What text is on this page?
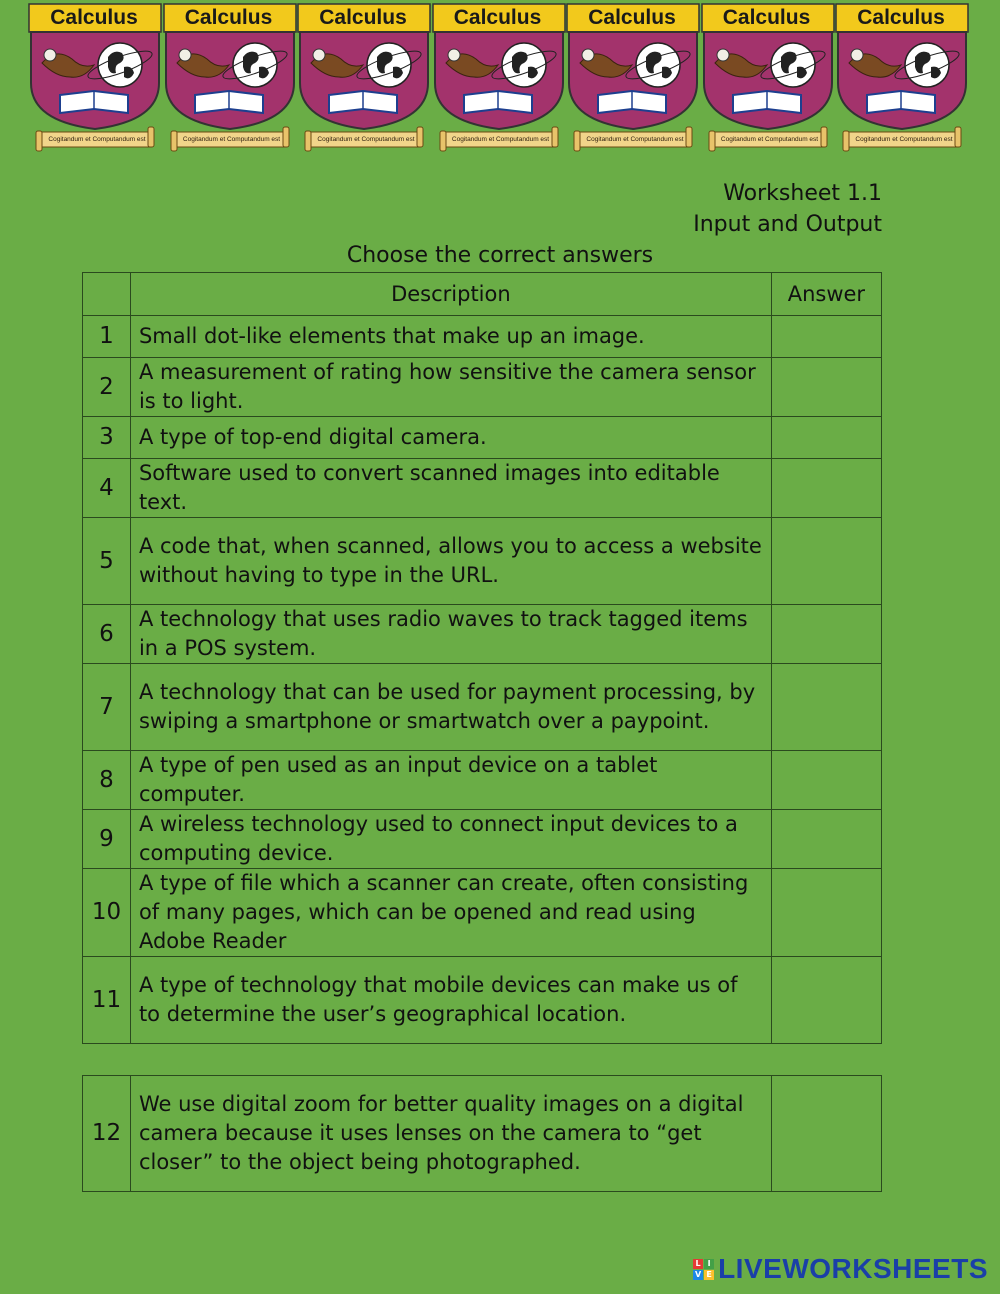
Calculus
Cogitandum et Computandum est
Calculus
Cogitandum et Computandum est
Calculus
Cogitandum et Computandum est
Calculus
Cogitandum et Computandum est
Calculus
Cogitandum et Computandum est
Calculus
Cogitandum et Computandum est
Calculus
Cogitandum et Computandum est
Worksheet 1.1
Input and Output
Choose the correct answers
	Description	Answer
1	Small dot-like elements that make up an image.	
2	A measurement of rating how sensitive the camera sensor is to light.	
3	A type of top-end digital camera.	
4	Software used to convert scanned images into editable text.	
5	A code that, when scanned, allows you to access a website without having to type in the URL.	
6	A technology that uses radio waves to track tagged items in a POS system.	
7	A technology that can be used for payment processing, by swiping a smartphone or smartwatch over a paypoint.	
8	A type of pen used as an input device on a tablet computer.	
9	A wireless technology used to connect input devices to a computing device.	
10	A type of file which a scanner can create, often consisting of many pages, which can be opened and read using Adobe Reader	
11	A type of technology that mobile devices can make us of to determine the user’s geographical location.	
12	We use digital zoom for better quality images on a digital camera because it uses lenses on the camera to “get closer” to the object being photographed.	
L I
V E LIVEWORKSHEETS
